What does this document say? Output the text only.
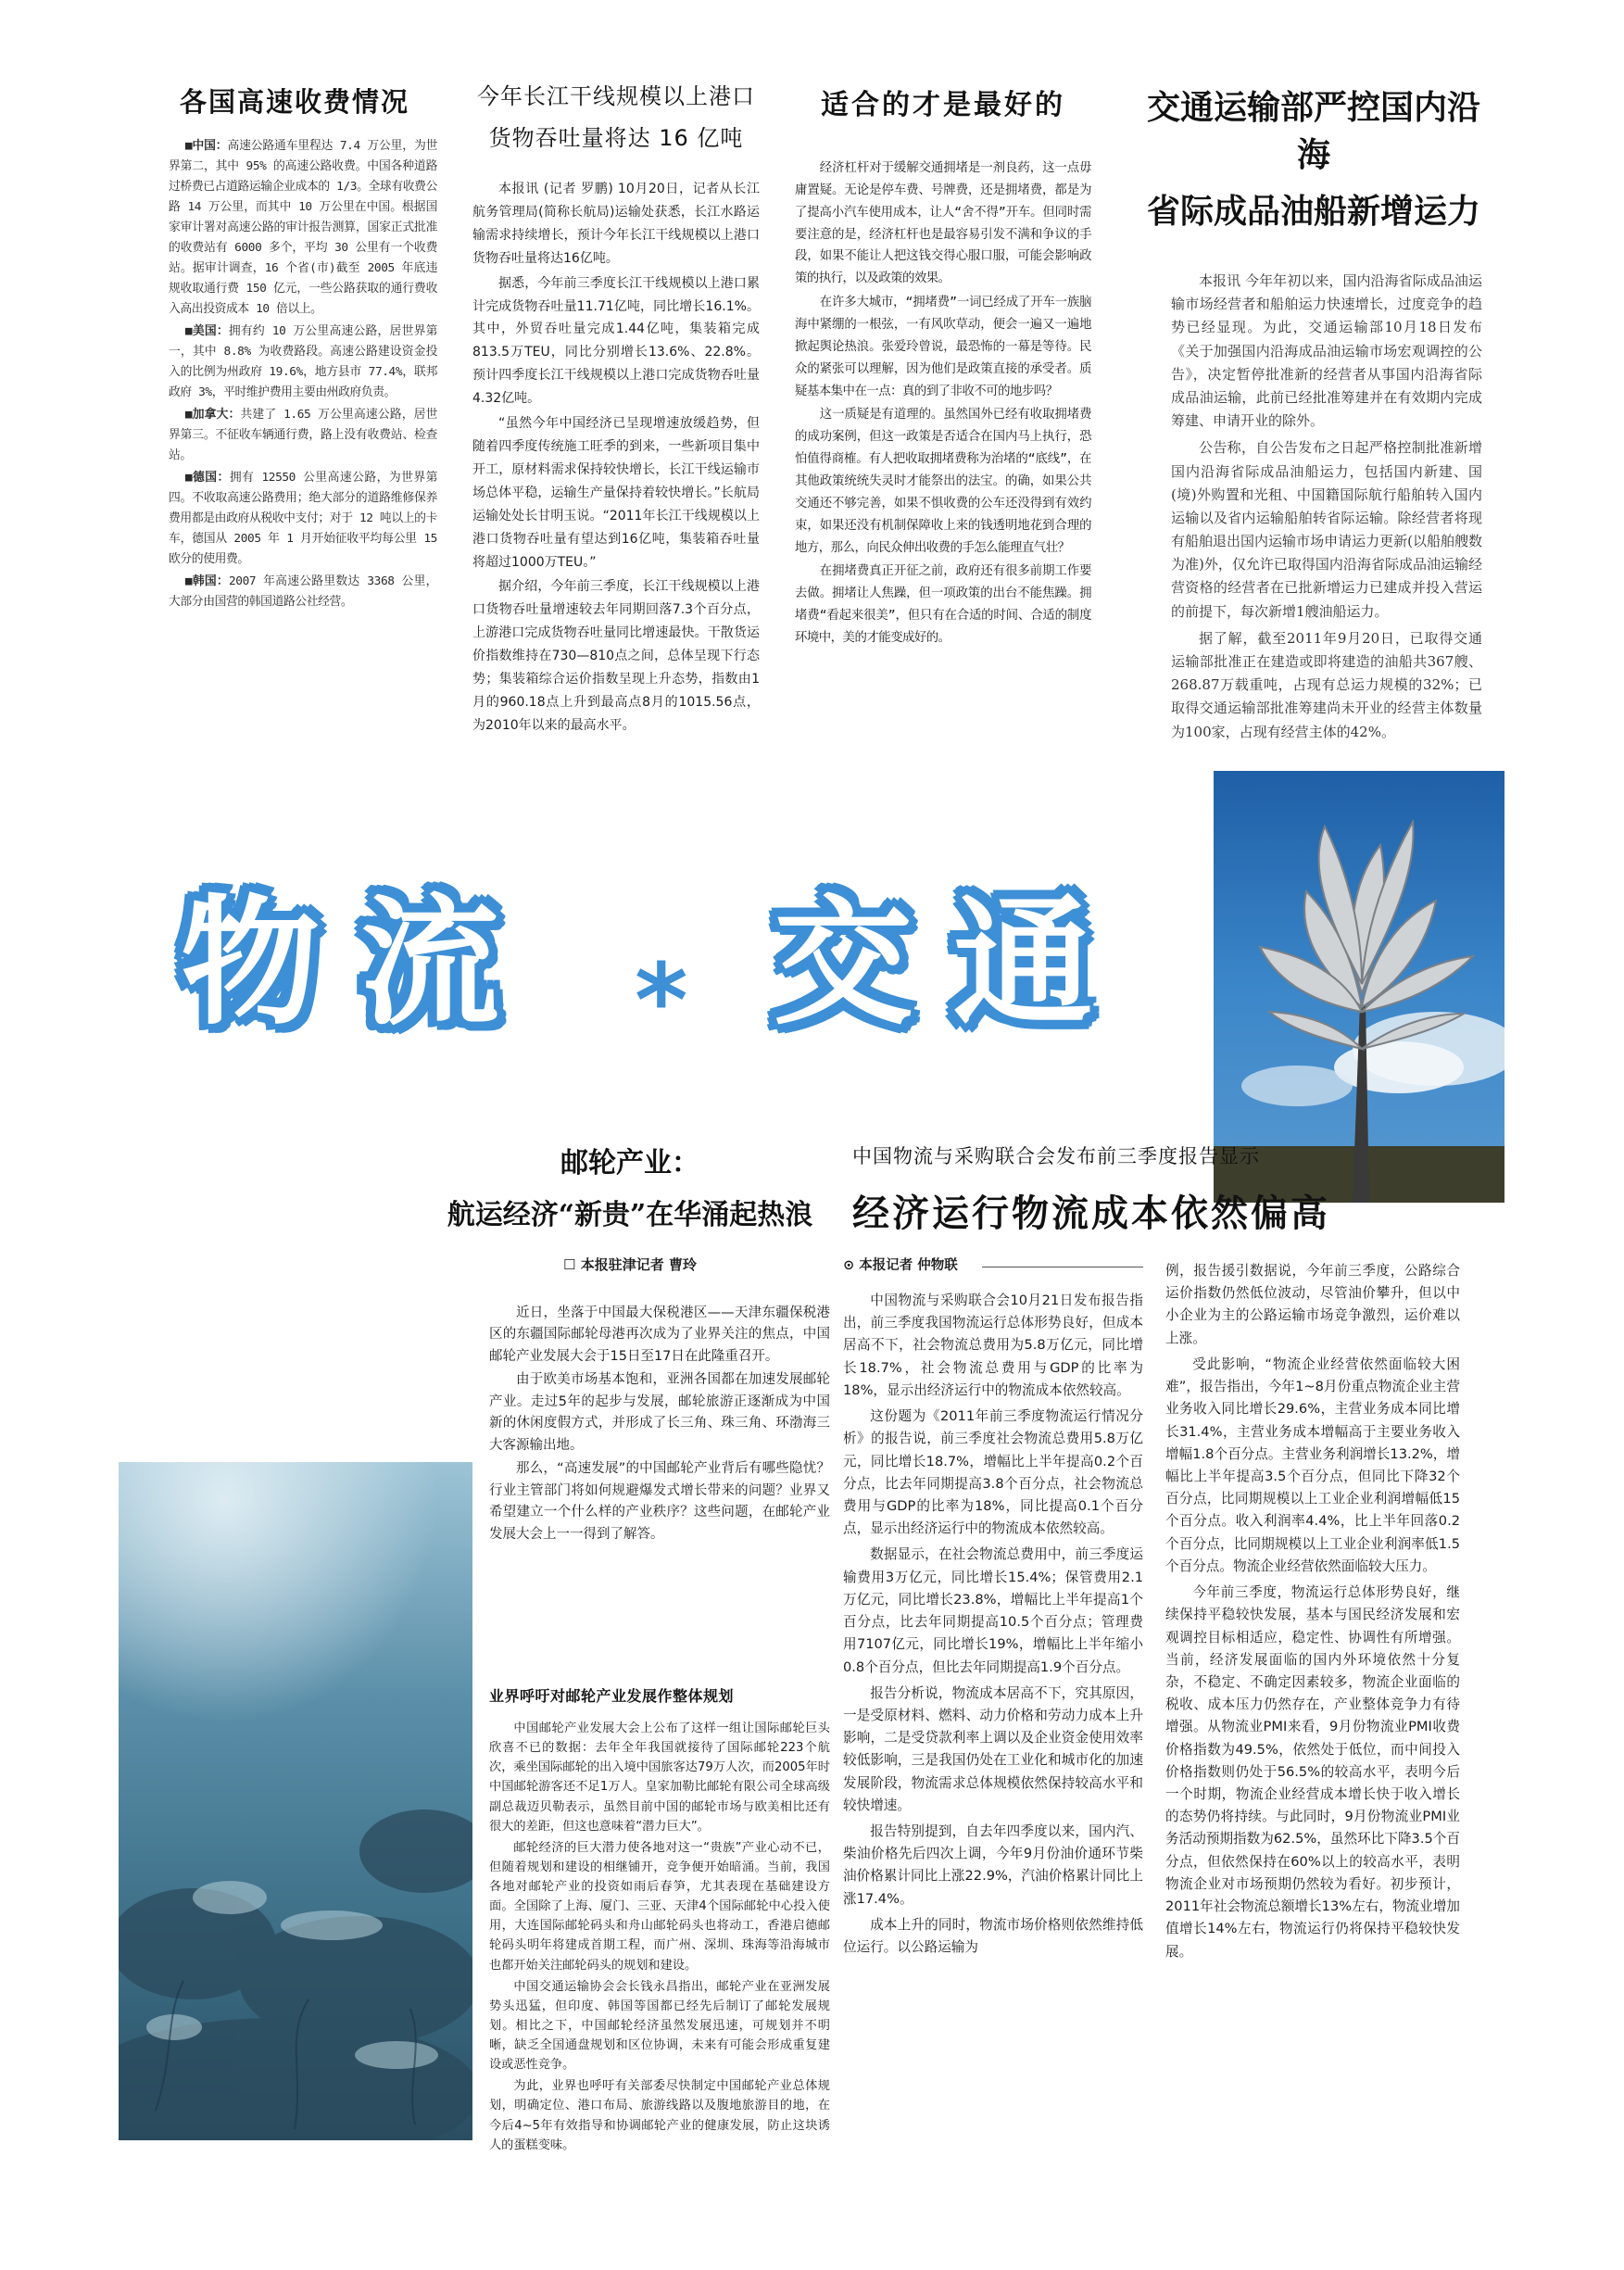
各国高速收费情况

■中国：高速公路通车里程达 7.4 万公里，为世界第二，其中 95% 的高速公路收费。中国各种道路过桥费已占道路运输企业成本的 1/3。全球有收费公路 14 万公里，而其中 10 万公里在中国。根据国家审计署对高速公路的审计报告测算，国家正式批准的收费站有 6000 多个，平均 30 公里有一个收费站。据审计调查，16 个省(市)截至 2005 年底违规收取通行费 150 亿元，一些公路获取的通行费收入高出投资成本 10 倍以上。

■美国：拥有约 10 万公里高速公路，居世界第一，其中 8.8% 为收费路段。高速公路建设资金投入的比例为州政府 19.6%，地方县市 77.4%，联邦政府 3%，平时维护费用主要由州政府负责。

■加拿大：共建了 1.65 万公里高速公路，居世界第三。不征收车辆通行费，路上没有收费站、检查站。

■德国：拥有 12550 公里高速公路，为世界第四。不收取高速公路费用；绝大部分的道路维修保养费用都是由政府从税收中支付；对于 12 吨以上的卡车，德国从 2005 年 1 月开始征收平均每公里 15 欧分的使用费。

■韩国：2007 年高速公路里数达 3368 公里，大部分由国营的韩国道路公社经营。

今年长江干线规模以上港口
货物吞吐量将达 16 亿吨

本报讯 (记者 罗鹏) 10月20日，记者从长江航务管理局(简称长航局)运输处获悉，长江水路运输需求持续增长，预计今年长江干线规模以上港口货物吞吐量将达16亿吨。

据悉，今年前三季度长江干线规模以上港口累计完成货物吞吐量11.71亿吨，同比增长16.1%。其中，外贸吞吐量完成1.44亿吨，集装箱完成813.5万TEU，同比分别增长13.6%、22.8%。预计四季度长江干线规模以上港口完成货物吞吐量4.32亿吨。

“虽然今年中国经济已呈现增速放缓趋势，但随着四季度传统施工旺季的到来，一些新项目集中开工，原材料需求保持较快增长，长江干线运输市场总体平稳，运输生产量保持着较快增长。”长航局运输处处长甘明玉说。“2011年长江干线规模以上港口货物吞吐量有望达到16亿吨，集装箱吞吐量将超过1000万TEU。”

据介绍，今年前三季度，长江干线规模以上港口货物吞吐量增速较去年同期回落7.3个百分点，上游港口完成货物吞吐量同比增速最快。干散货运价指数维持在730—810点之间，总体呈现下行态势；集装箱综合运价指数呈现上升态势，指数由1月的960.18点上升到最高点8月的1015.56点，为2010年以来的最高水平。

适合的才是最好的

经济杠杆对于缓解交通拥堵是一剂良药，这一点毋庸置疑。无论是停车费、号牌费，还是拥堵费，都是为了提高小汽车使用成本，让人“舍不得”开车。但同时需要注意的是，经济杠杆也是最容易引发不满和争议的手段，如果不能让人把这钱交得心服口服，可能会影响政策的执行，以及政策的效果。

在许多大城市，“拥堵费”一词已经成了开车一族脑海中紧绷的一根弦，一有风吹草动，便会一遍又一遍地掀起舆论热浪。张爱玲曾说，最恐怖的一幕是等待。民众的紧张可以理解，因为他们是政策直接的承受者。质疑基本集中在一点：真的到了非收不可的地步吗？

这一质疑是有道理的。虽然国外已经有收取拥堵费的成功案例，但这一政策是否适合在国内马上执行，恐怕值得商榷。有人把收取拥堵费称为治堵的“底线”，在其他政策统统失灵时才能祭出的法宝。的确，如果公共交通还不够完善，如果不惧收费的公车还没得到有效约束，如果还没有机制保障收上来的钱透明地花到合理的地方，那么，向民众伸出收费的手怎么能理直气壮？

在拥堵费真正开征之前，政府还有很多前期工作要去做。拥堵让人焦躁，但一项政策的出台不能焦躁。拥堵费“看起来很美”，但只有在合适的时间、合适的制度环境中，美的才能变成好的。

交通运输部严控国内沿海
省际成品油船新增运力

本报讯 今年年初以来，国内沿海省际成品油运输市场经营者和船舶运力快速增长，过度竞争的趋势已经显现。为此，交通运输部10月18日发布《关于加强国内沿海成品油运输市场宏观调控的公告》，决定暂停批准新的经营者从事国内沿海省际成品油运输，此前已经批准筹建并在有效期内完成筹建、申请开业的除外。

公告称，自公告发布之日起严格控制批准新增国内沿海省际成品油船运力，包括国内新建、国(境)外购置和光租、中国籍国际航行船舶转入国内运输以及省内运输船舶转省际运输。除经营者将现有船舶退出国内运输市场申请运力更新(以船舶艘数为准)外，仅允许已取得国内沿海省际成品油运输经营资格的经营者在已批新增运力已建成并投入营运的前提下，每次新增1艘油船运力。

据了解，截至2011年9月20日，已取得交通运输部批准正在建造或即将建造的油船共367艘、268.87万载重吨，占现有总运力规模的32%；已取得交通运输部批准筹建尚未开业的经营主体数量为100家，占现有经营主体的42%。

物流 * 交通
邮轮产业：
航运经济“新贵”在华涌起热浪
☐ 本报驻津记者 曹玲

近日，坐落于中国最大保税港区——天津东疆保税港区的东疆国际邮轮母港再次成为了业界关注的焦点，中国邮轮产业发展大会于15日至17日在此隆重召开。

由于欧美市场基本饱和，亚洲各国都在加速发展邮轮产业。走过5年的起步与发展，邮轮旅游正逐渐成为中国新的休闲度假方式，并形成了长三角、珠三角、环渤海三大客源输出地。

那么，“高速发展”的中国邮轮产业背后有哪些隐忧？行业主管部门将如何规避爆发式增长带来的问题？业界又希望建立一个什么样的产业秩序？这些问题，在邮轮产业发展大会上一一得到了解答。

业界呼吁对邮轮产业发展作整体规划

中国邮轮产业发展大会上公布了这样一组让国际邮轮巨头欣喜不已的数据：去年全年我国就接待了国际邮轮223个航次，乘坐国际邮轮的出入境中国旅客达79万人次，而2005年时中国邮轮游客还不足1万人。皇家加勒比邮轮有限公司全球高级副总裁迈贝勒表示，虽然目前中国的邮轮市场与欧美相比还有很大的差距，但这也意味着“潜力巨大”。

邮轮经济的巨大潜力使各地对这一“贵族”产业心动不已，但随着规划和建设的相继铺开，竞争便开始暗涌。当前，我国各地对邮轮产业的投资如雨后春笋，尤其表现在基础建设方面。全国除了上海、厦门、三亚、天津4个国际邮轮中心投入使用，大连国际邮轮码头和舟山邮轮码头也将动工，香港启德邮轮码头明年将建成首期工程，而广州、深圳、珠海等沿海城市也都开始关注邮轮码头的规划和建设。

中国交通运输协会会长钱永昌指出，邮轮产业在亚洲发展势头迅猛，但印度、韩国等国都已经先后制订了邮轮发展规划。相比之下，中国邮轮经济虽然发展迅速，可规划并不明晰，缺乏全国通盘规划和区位协调，未来有可能会形成重复建设或恶性竞争。

为此，业界也呼吁有关部委尽快制定中国邮轮产业总体规划，明确定位、港口布局、旅游线路以及腹地旅游目的地，在今后4~5年有效指导和协调邮轮产业的健康发展，防止这块诱人的蛋糕变味。

中国物流与采购联合会发布前三季度报告显示
经济运行物流成本依然偏高
⊙ 本报记者 仲物联

中国物流与采购联合会10月21日发布报告指出，前三季度我国物流运行总体形势良好，但成本居高不下，社会物流总费用为5.8万亿元，同比增长18.7%，社会物流总费用与GDP的比率为18%，显示出经济运行中的物流成本依然较高。

这份题为《2011年前三季度物流运行情况分析》的报告说，前三季度社会物流总费用5.8万亿元，同比增长18.7%，增幅比上半年提高0.2个百分点，比去年同期提高3.8个百分点，社会物流总费用与GDP的比率为18%，同比提高0.1个百分点，显示出经济运行中的物流成本依然较高。

数据显示，在社会物流总费用中，前三季度运输费用3万亿元，同比增长15.4%；保管费用2.1万亿元，同比增长23.8%，增幅比上半年提高1个百分点，比去年同期提高10.5个百分点；管理费用7107亿元，同比增长19%，增幅比上半年缩小0.8个百分点，但比去年同期提高1.9个百分点。

报告分析说，物流成本居高不下，究其原因，一是受原材料、燃料、动力价格和劳动力成本上升影响，二是受贷款利率上调以及企业资金使用效率较低影响，三是我国仍处在工业化和城市化的加速发展阶段，物流需求总体规模依然保持较高水平和较快增速。

报告特别提到，自去年四季度以来，国内汽、柴油价格先后四次上调，今年9月份油价通环节柴油价格累计同比上涨22.9%，汽油价格累计同比上涨17.4%。

成本上升的同时，物流市场价格则依然维持低位运行。以公路运输为

例，报告援引数据说，今年前三季度，公路综合运价指数仍然低位波动，尽管油价攀升，但以中小企业为主的公路运输市场竞争激烈，运价难以上涨。

受此影响，“物流企业经营依然面临较大困难”，报告指出，今年1~8月份重点物流企业主营业务收入同比增长29.6%，主营业务成本同比增长31.4%，主营业务成本增幅高于主要业务收入增幅1.8个百分点。主营业务利润增长13.2%，增幅比上半年提高3.5个百分点，但同比下降32个百分点，比同期规模以上工业企业利润增幅低15个百分点。收入利润率4.4%，比上半年回落0.2个百分点，比同期规模以上工业企业利润率低1.5个百分点。物流企业经营依然面临较大压力。

今年前三季度，物流运行总体形势良好，继续保持平稳较快发展，基本与国民经济发展和宏观调控目标相适应，稳定性、协调性有所增强。当前，经济发展面临的国内外环境依然十分复杂，不稳定、不确定因素较多，物流企业面临的税收、成本压力仍然存在，产业整体竞争力有待增强。从物流业PMI来看，9月份物流业PMI收费价格指数为49.5%，依然处于低位，而中间投入价格指数则仍处于56.5%的较高水平，表明今后一个时期，物流企业经营成本增长快于收入增长的态势仍将持续。与此同时，9月份物流业PMI业务活动预期指数为62.5%，虽然环比下降3.5个百分点，但依然保持在60%以上的较高水平，表明物流企业对市场预期仍然较为看好。初步预计，2011年社会物流总额增长13%左右，物流业增加值增长14%左右，物流运行仍将保持平稳较快发展。
